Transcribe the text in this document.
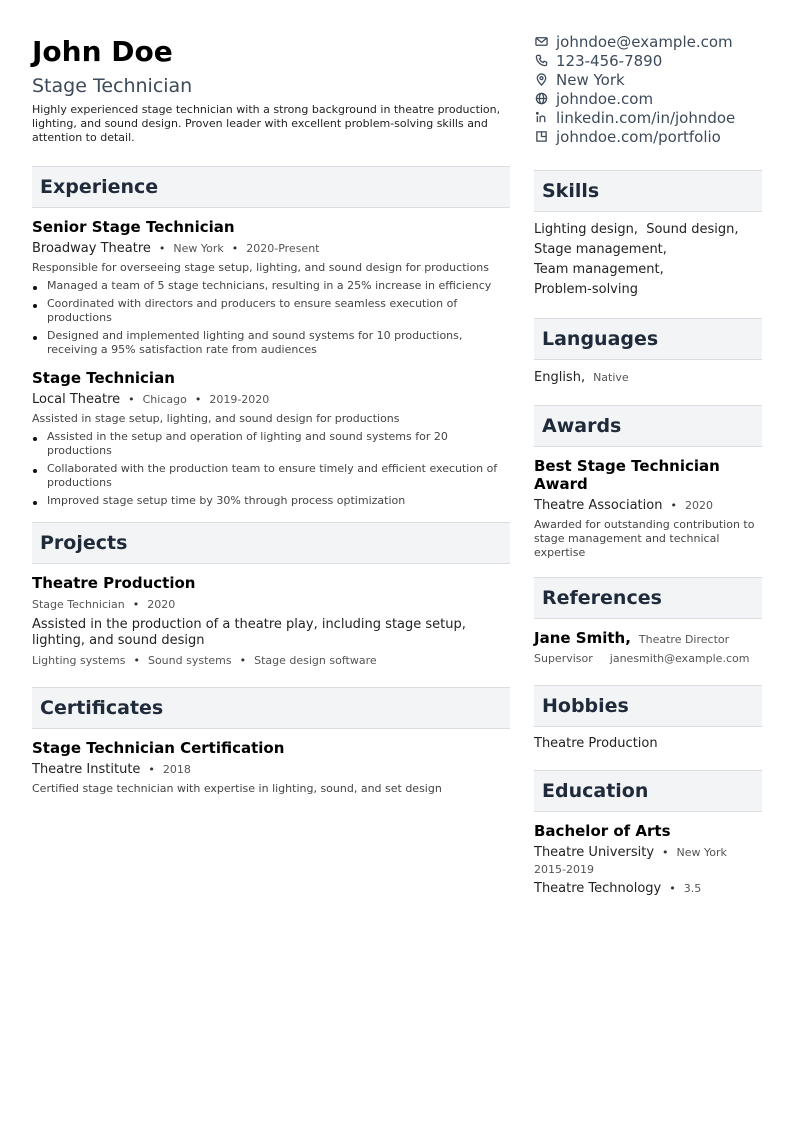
John Doe
Stage Technician
Highly experienced stage technician with a strong background in theatre production, lighting, and sound design. Proven leader with excellent problem-solving skills and attention to detail.
Experience
Senior Stage Technician
Broadway Theatre • New York • 2020-Present
Responsible for overseeing stage setup, lighting, and sound design for productions
Managed a team of 5 stage technicians, resulting in a 25% increase in efficiency
Coordinated with directors and producers to ensure seamless execution of productions
Designed and implemented lighting and sound systems for 10 productions, receiving a 95% satisfaction rate from audiences
Stage Technician
Local Theatre • Chicago • 2019-2020
Assisted in stage setup, lighting, and sound design for productions
Assisted in the setup and operation of lighting and sound systems for 20 productions
Collaborated with the production team to ensure timely and efficient execution of productions
Improved stage setup time by 30% through process optimization
Projects
Theatre Production
Stage Technician • 2020
Assisted in the production of a theatre play, including stage setup, lighting, and sound design
Lighting systems • Sound systems • Stage design software
Certificates
Stage Technician Certification
Theatre Institute • 2018
Certified stage technician with expertise in lighting, sound, and set design
johndoe@example.com
123-456-7890
New York
johndoe.com
linkedin.com/in/johndoe
johndoe.com/portfolio
Skills
Lighting design,  Sound design,
Stage management,
Team management,
Problem-solving
Languages
English, Native
Awards
Best Stage Technician Award
Theatre Association • 2020
Awarded for outstanding contribution to stage management and technical expertise
References
Jane Smith, Theatre Director
Supervisor janesmith@example.com
Hobbies
Theatre Production
Education
Bachelor of Arts
Theatre University • New York
2015-2019
Theatre Technology • 3.5
